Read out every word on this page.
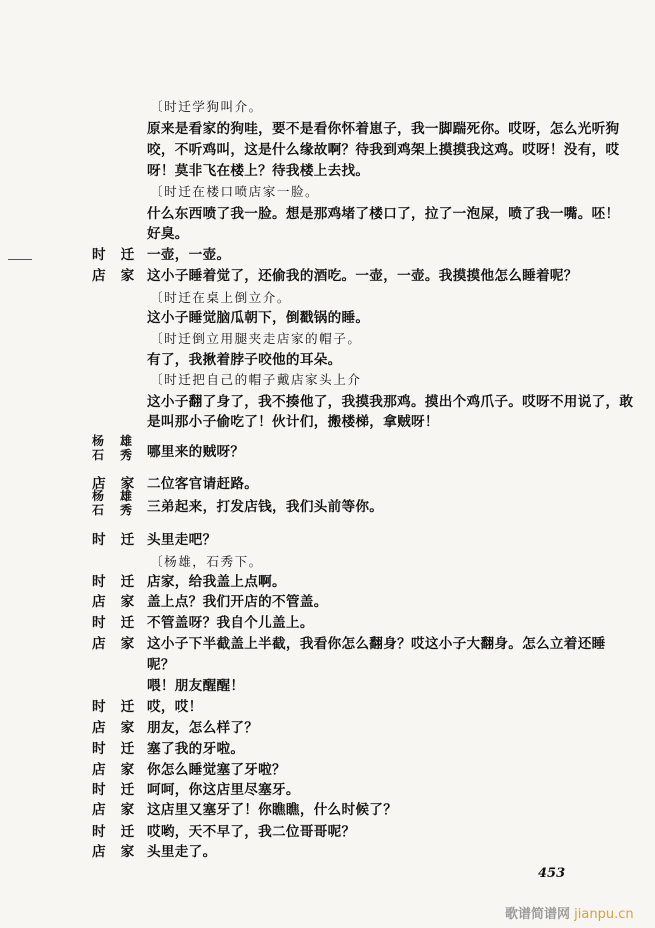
〔时迁学狗叫介。
原来是看家的狗哇，要不是看你怀着崽子，我一脚踹死你。哎呀，怎么光听狗
咬，不听鸡叫，这是什么缘故啊？待我到鸡架上摸摸我这鸡。哎呀！没有，哎
呀！莫非飞在楼上？待我楼上去找。
〔时迁在楼口喷店家一脸。
什么东西喷了我一脸。想是那鸡堵了楼口了，拉了一泡屎，喷了我一嘴。呸！
好臭。
时迁
一壶，一壶。
店家
这小子睡着觉了，还偷我的酒吃。一壶，一壶。我摸摸他怎么睡着呢？
〔时迁在桌上倒立介。
这小子睡觉脑瓜朝下，倒戳锅的睡。
〔时迁倒立用腿夹走店家的帽子。
有了，我揪着脖子咬他的耳朵。
〔时迁把自己的帽子戴店家头上介
这小子翻了身了，我不揍他了，我摸我那鸡。摸出个鸡爪子。哎呀不用说了，敢
是叫那小子偷吃了！伙计们，搬楼梯，拿贼呀！
杨雄
石秀
哪里来的贼呀？
店家
二位客官请赶路。
杨雄
石秀
三弟起来，打发店钱，我们头前等你。
时迁
头里走吧？
〔杨雄，石秀下。
时迁
店家，给我盖上点啊。
店家
盖上点？我们开店的不管盖。
时迁
不管盖呀？我自个儿盖上。
店家
这小子下半截盖上半截，我看你怎么翻身？哎这小子大翻身。怎么立着还睡
呢？
喂！朋友醒醒！
时迁
哎，哎！
店家
朋友，怎么样了？
时迁
塞了我的牙啦。
店家
你怎么睡觉塞了牙啦？
时迁
呵呵，你这店里尽塞牙。
店家
这店里又塞牙了！你瞧瞧，什么时候了？
时迁
哎哟，天不早了，我二位哥哥呢？
店家
头里走了。
453
歌谱简谱网 jianpu.cn
